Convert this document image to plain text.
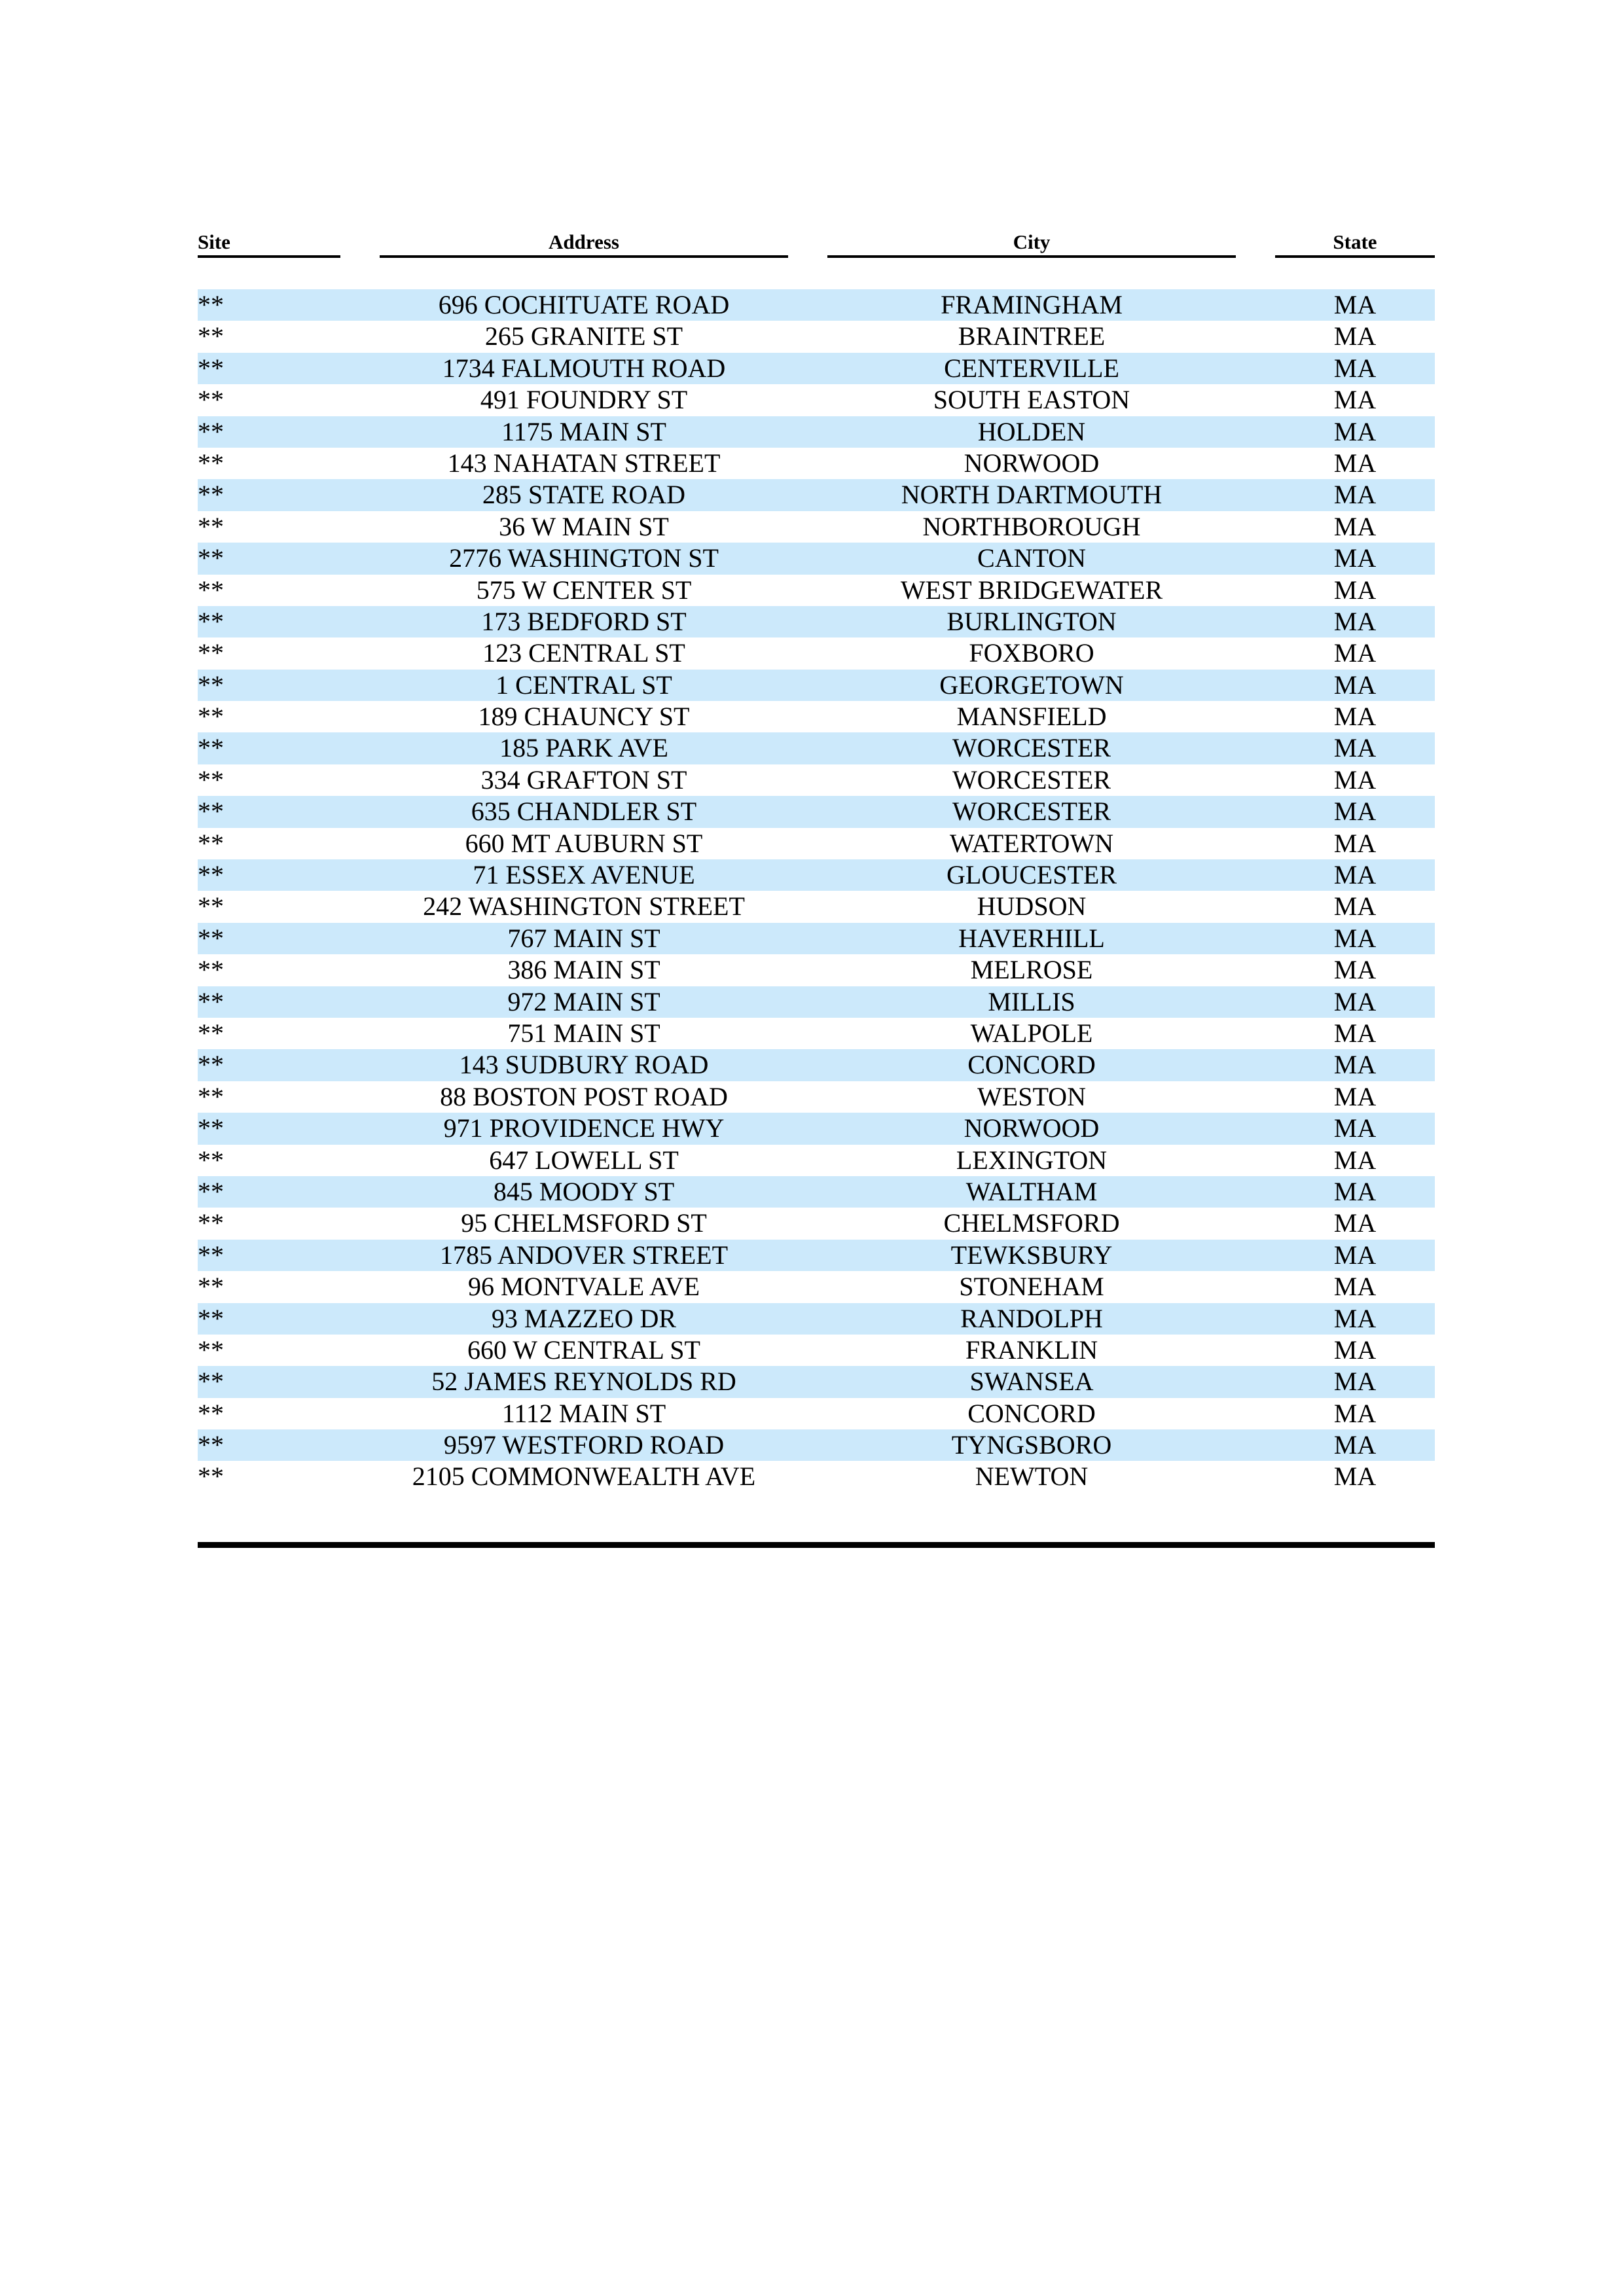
Site	Address	City	State
**	696 COCHITUATE ROAD	FRAMINGHAM	MA
**	265 GRANITE ST	BRAINTREE	MA
**	1734 FALMOUTH ROAD	CENTERVILLE	MA
**	491 FOUNDRY ST	SOUTH EASTON	MA
**	1175 MAIN ST	HOLDEN	MA
**	143 NAHATAN STREET	NORWOOD	MA
**	285 STATE ROAD	NORTH DARTMOUTH	MA
**	36 W MAIN ST	NORTHBOROUGH	MA
**	2776 WASHINGTON ST	CANTON	MA
**	575 W CENTER ST	WEST BRIDGEWATER	MA
**	173 BEDFORD ST	BURLINGTON	MA
**	123 CENTRAL ST	FOXBORO	MA
**	1 CENTRAL ST	GEORGETOWN	MA
**	189 CHAUNCY ST	MANSFIELD	MA
**	185 PARK AVE	WORCESTER	MA
**	334 GRAFTON ST	WORCESTER	MA
**	635 CHANDLER ST	WORCESTER	MA
**	660 MT AUBURN ST	WATERTOWN	MA
**	71 ESSEX AVENUE	GLOUCESTER	MA
**	242 WASHINGTON STREET	HUDSON	MA
**	767 MAIN ST	HAVERHILL	MA
**	386 MAIN ST	MELROSE	MA
**	972 MAIN ST	MILLIS	MA
**	751 MAIN ST	WALPOLE	MA
**	143 SUDBURY ROAD	CONCORD	MA
**	88 BOSTON POST ROAD	WESTON	MA
**	971 PROVIDENCE HWY	NORWOOD	MA
**	647 LOWELL ST	LEXINGTON	MA
**	845 MOODY ST	WALTHAM	MA
**	95 CHELMSFORD ST	CHELMSFORD	MA
**	1785 ANDOVER STREET	TEWKSBURY	MA
**	96 MONTVALE AVE	STONEHAM	MA
**	93 MAZZEO DR	RANDOLPH	MA
**	660 W CENTRAL ST	FRANKLIN	MA
**	52 JAMES REYNOLDS RD	SWANSEA	MA
**	1112 MAIN ST	CONCORD	MA
**	9597 WESTFORD ROAD	TYNGSBORO	MA
**	2105 COMMONWEALTH AVE	NEWTON	MA
